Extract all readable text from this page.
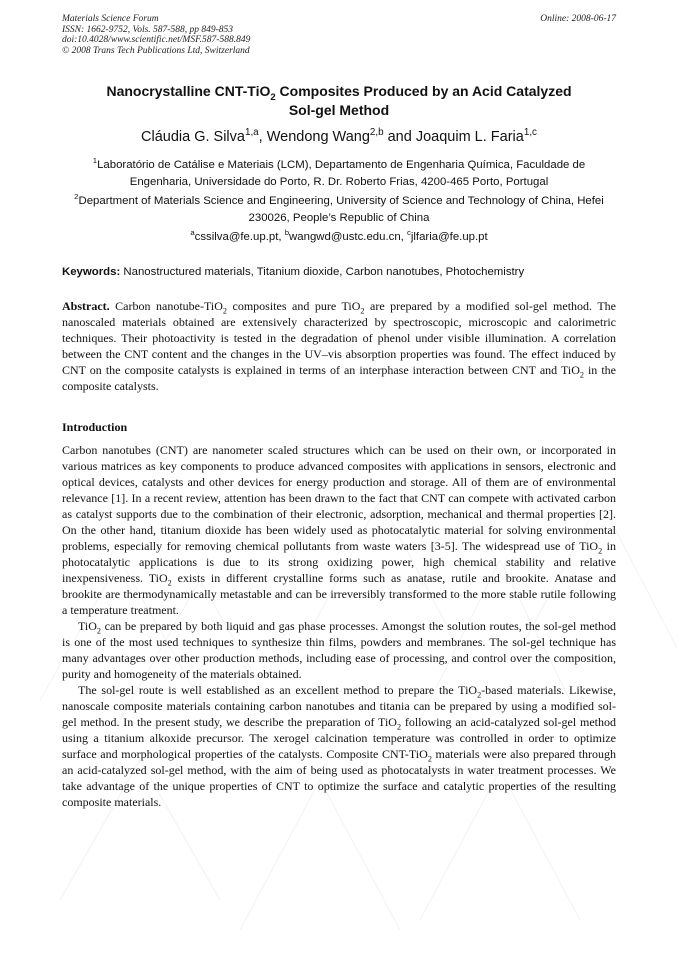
Materials Science Forum
ISSN: 1662-9752, Vols. 587-588, pp 849-853
doi:10.4028/www.scientific.net/MSF.587-588.849
© 2008 Trans Tech Publications Ltd, Switzerland
Online: 2008-06-17
Nanocrystalline CNT-TiO$_2$ Composites Produced by an Acid Catalyzed
Sol-gel Method
Cláudia G. Silva$^{1,a}$, Wendong Wang$^{2,b}$ and Joaquim L. Faria$^{1,c}$
$^1$Laboratório de Catálise e Materiais (LCM), Departamento de Engenharia Química, Faculdade de Engenharia, Universidade do Porto, R. Dr. Roberto Frias, 4200-465 Porto, Portugal
$^2$Department of Materials Science and Engineering, University of Science and Technology of China, Hefei 230026, People’s Republic of China
$^a$cssilva@fe.up.pt, $^b$wangwd@ustc.edu.cn, $^c$jlfaria@fe.up.pt
Keywords: Nanostructured materials, Titanium dioxide, Carbon nanotubes, Photochemistry

Abstract. Carbon nanotube-TiO$_2$ composites and pure TiO$_2$ are prepared by a modified sol-gel method. The nanoscaled materials obtained are extensively characterized by spectroscopic, microscopic and calorimetric techniques. Their photoactivity is tested in the degradation of phenol under visible illumination. A correlation between the CNT content and the changes in the UV–vis absorption properties was found. The effect induced by CNT on the composite catalysts is explained in terms of an interphase interaction between CNT and TiO$_2$ in the composite catalysts.

Introduction

Carbon nanotubes (CNT) are nanometer scaled structures which can be used on their own, or incorporated in various matrices as key components to produce advanced composites with applications in sensors, electronic and optical devices, catalysts and other devices for energy production and storage. All of them are of environmental relevance [1]. In a recent review, attention has been drawn to the fact that CNT can compete with activated carbon as catalyst supports due to the combination of their electronic, adsorption, mechanical and thermal properties [2]. On the other hand, titanium dioxide has been widely used as photocatalytic material for solving environmental problems, especially for removing chemical pollutants from waste waters [3-5]. The widespread use of TiO$_2$ in photocatalytic applications is due to its strong oxidizing power, high chemical stability and relative inexpensiveness. TiO$_2$ exists in different crystalline forms such as anatase, rutile and brookite. Anatase and brookite are thermodynamically metastable and can be irreversibly transformed to the more stable rutile following a temperature treatment.

TiO$_2$ can be prepared by both liquid and gas phase processes. Amongst the solution routes, the sol-gel method is one of the most used techniques to synthesize thin films, powders and membranes. The sol-gel technique has many advantages over other production methods, including ease of processing, and control over the composition, purity and homogeneity of the materials obtained.

The sol-gel route is well established as an excellent method to prepare the TiO$_2$-based materials. Likewise, nanoscale composite materials containing carbon nanotubes and titania can be prepared by using a modified sol-gel method. In the present study, we describe the preparation of TiO$_2$ following an acid-catalyzed sol-gel method using a titanium alkoxide precursor. The xerogel calcination temperature was controlled in order to optimize surface and morphological properties of the catalysts. Composite CNT-TiO$_2$ materials were also prepared through an acid-catalyzed sol-gel method, with the aim of being used as photocatalysts in water treatment processes. We take advantage of the unique properties of CNT to optimize the surface and catalytic properties of the resulting composite materials.
